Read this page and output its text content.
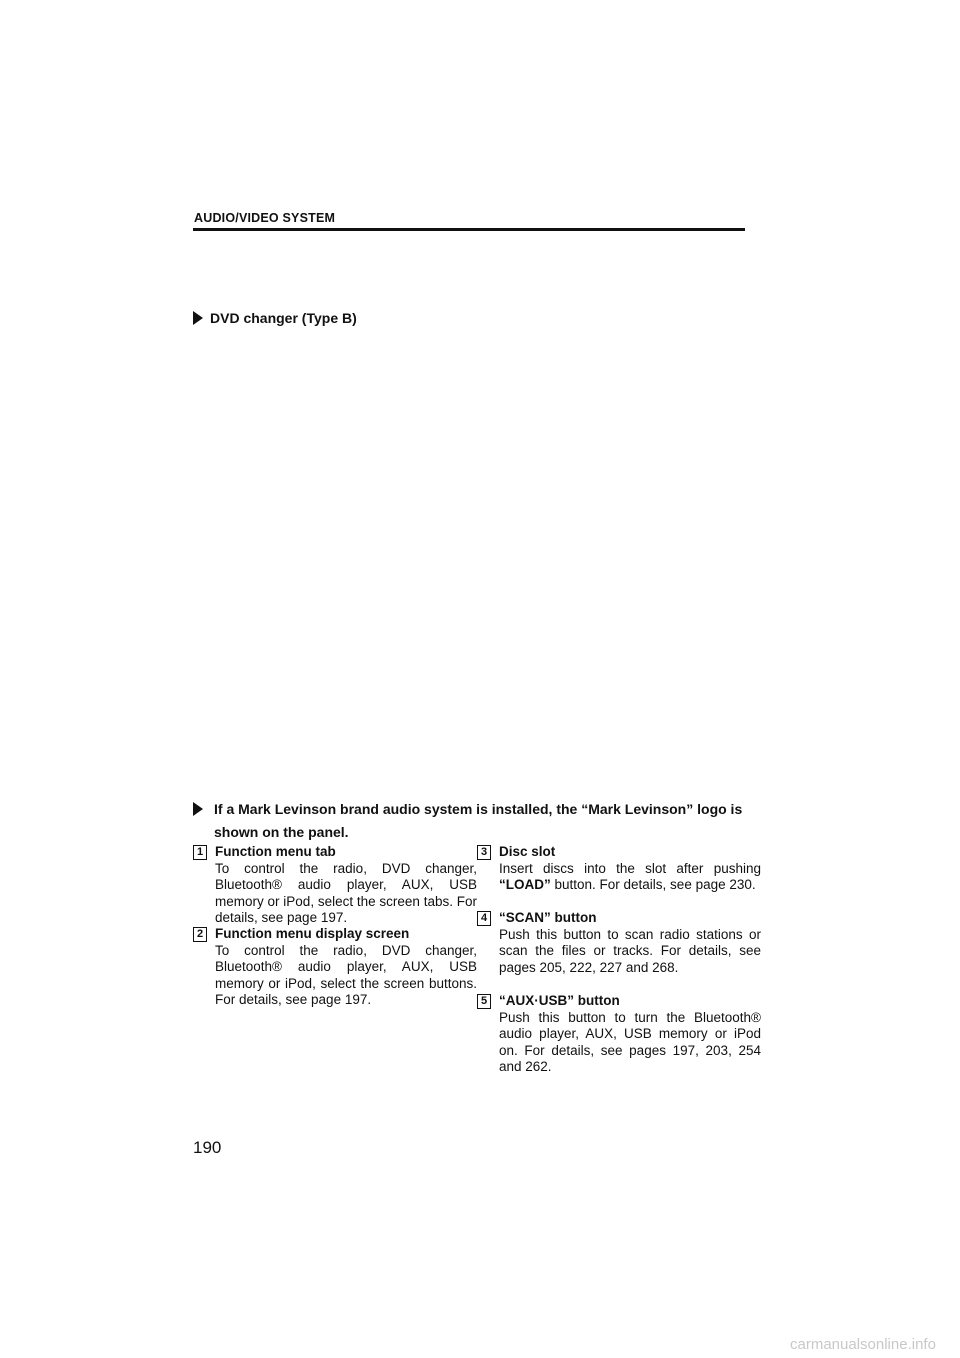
AUDIO/VIDEO SYSTEM
DVD changer (Type B)
If a Mark Levinson brand audio system is installed, the “Mark Levinson” logo is shown on the panel.
1 Function menu tab
To control the radio, DVD changer, Bluetooth® audio player, AUX, USB memory or iPod, select the screen tabs. For details, see page 197.
2 Function menu display screen
To control the radio, DVD changer, Bluetooth® audio player, AUX, USB memory or iPod, select the screen buttons. For details, see page 197.
3 Disc slot
Insert discs into the slot after pushing “LOAD” button. For details, see page 230.
4 “SCAN” button
Push this button to scan radio stations or scan the files or tracks. For details, see pages 205, 222, 227 and 268.
5 “AUX·USB” button
Push this button to turn the Bluetooth® audio player, AUX, USB memory or iPod on. For details, see pages 197, 203, 254 and 262.
190
carmanualsonline.info
